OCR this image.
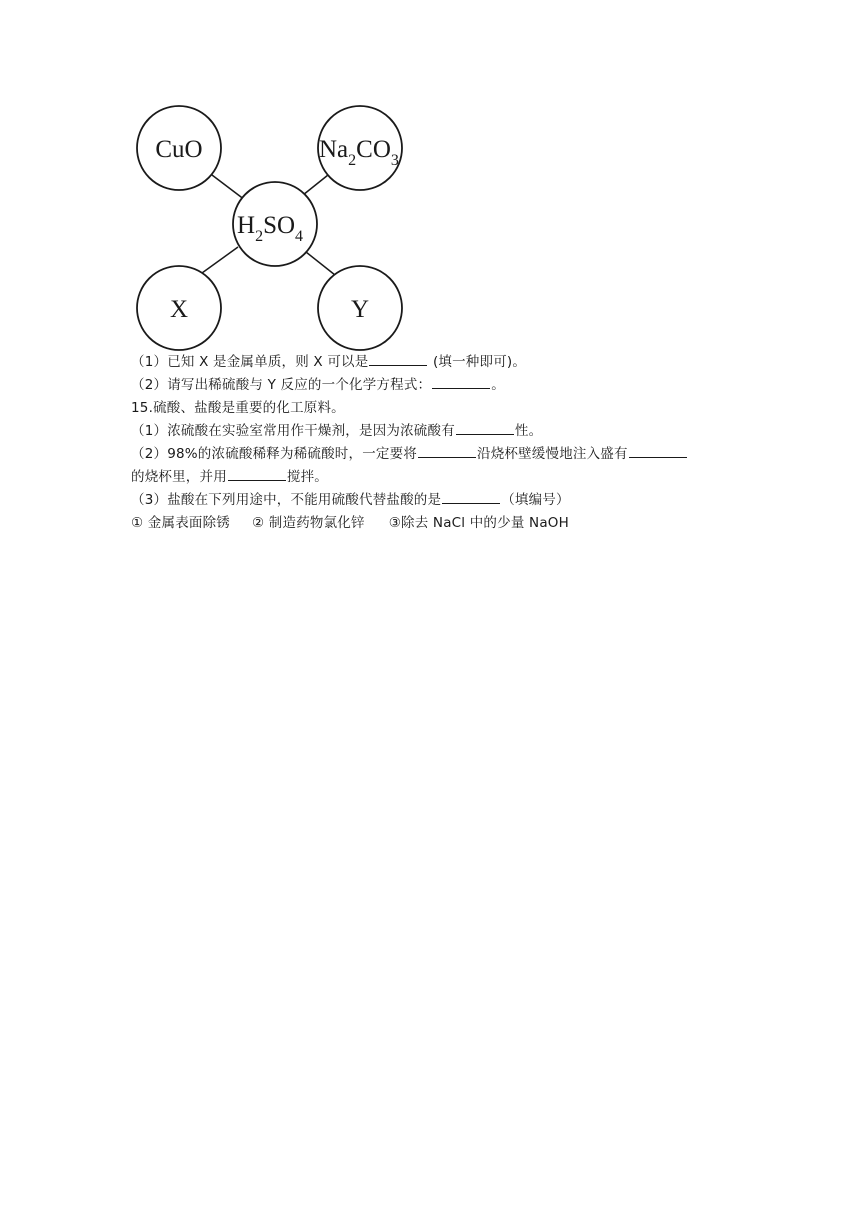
CuO	$Na_2CO_3$
$H_2SO_4$
X	Y
（1）已知 X 是金属单质，则 X 可以是	(填一种即可)。
（2）请写出稀硫酸与 Y 反应的一个化学方程式：	。
15.硫酸、盐酸是重要的化工原料。
（1）浓硫酸在实验室常用作干燥剂，是因为浓硫酸有	性。
（2）98%的浓硫酸稀释为稀硫酸时，一定要将	沿烧杯壁缓慢地注入盛有
的烧杯里，并用	搅拌。
（3）盐酸在下列用途中，不能用硫酸代替盐酸的是	（填编号）
① 金属表面除锈 ② 制造药物氯化锌 ③除去 NaCl 中的少量 NaOH
